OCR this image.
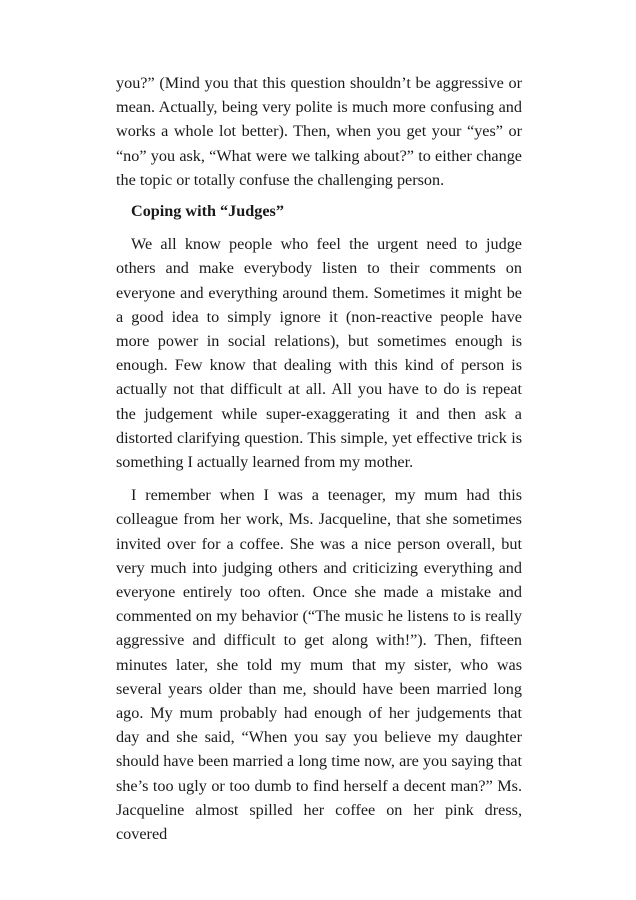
you?” (Mind you that this question shouldn’t be aggressive or mean. Actually, being very polite is much more confusing and works a whole lot better). Then, when you get your “yes” or “no” you ask, “What were we talking about?” to either change the topic or totally confuse the challenging person.

Coping with “Judges”

We all know people who feel the urgent need to judge others and make everybody listen to their comments on everyone and everything around them. Sometimes it might be a good idea to simply ignore it (non-reactive people have more power in social relations), but sometimes enough is enough. Few know that dealing with this kind of person is actually not that difficult at all. All you have to do is repeat the judgement while super-exaggerating it and then ask a distorted clarifying question. This simple, yet effective trick is something I actually learned from my mother.

I remember when I was a teenager, my mum had this colleague from her work, Ms. Jacqueline, that she sometimes invited over for a coffee. She was a nice person overall, but very much into judging others and criticizing everything and everyone entirely too often. Once she made a mistake and commented on my behavior (“The music he listens to is really aggressive and difficult to get along with!”). Then, fifteen minutes later, she told my mum that my sister, who was several years older than me, should have been married long ago. My mum probably had enough of her judgements that day and she said, “When you say you believe my daughter should have been married a long time now, are you saying that she’s too ugly or too dumb to find herself a decent man?” Ms. Jacqueline almost spilled her coffee on her pink dress, covered
